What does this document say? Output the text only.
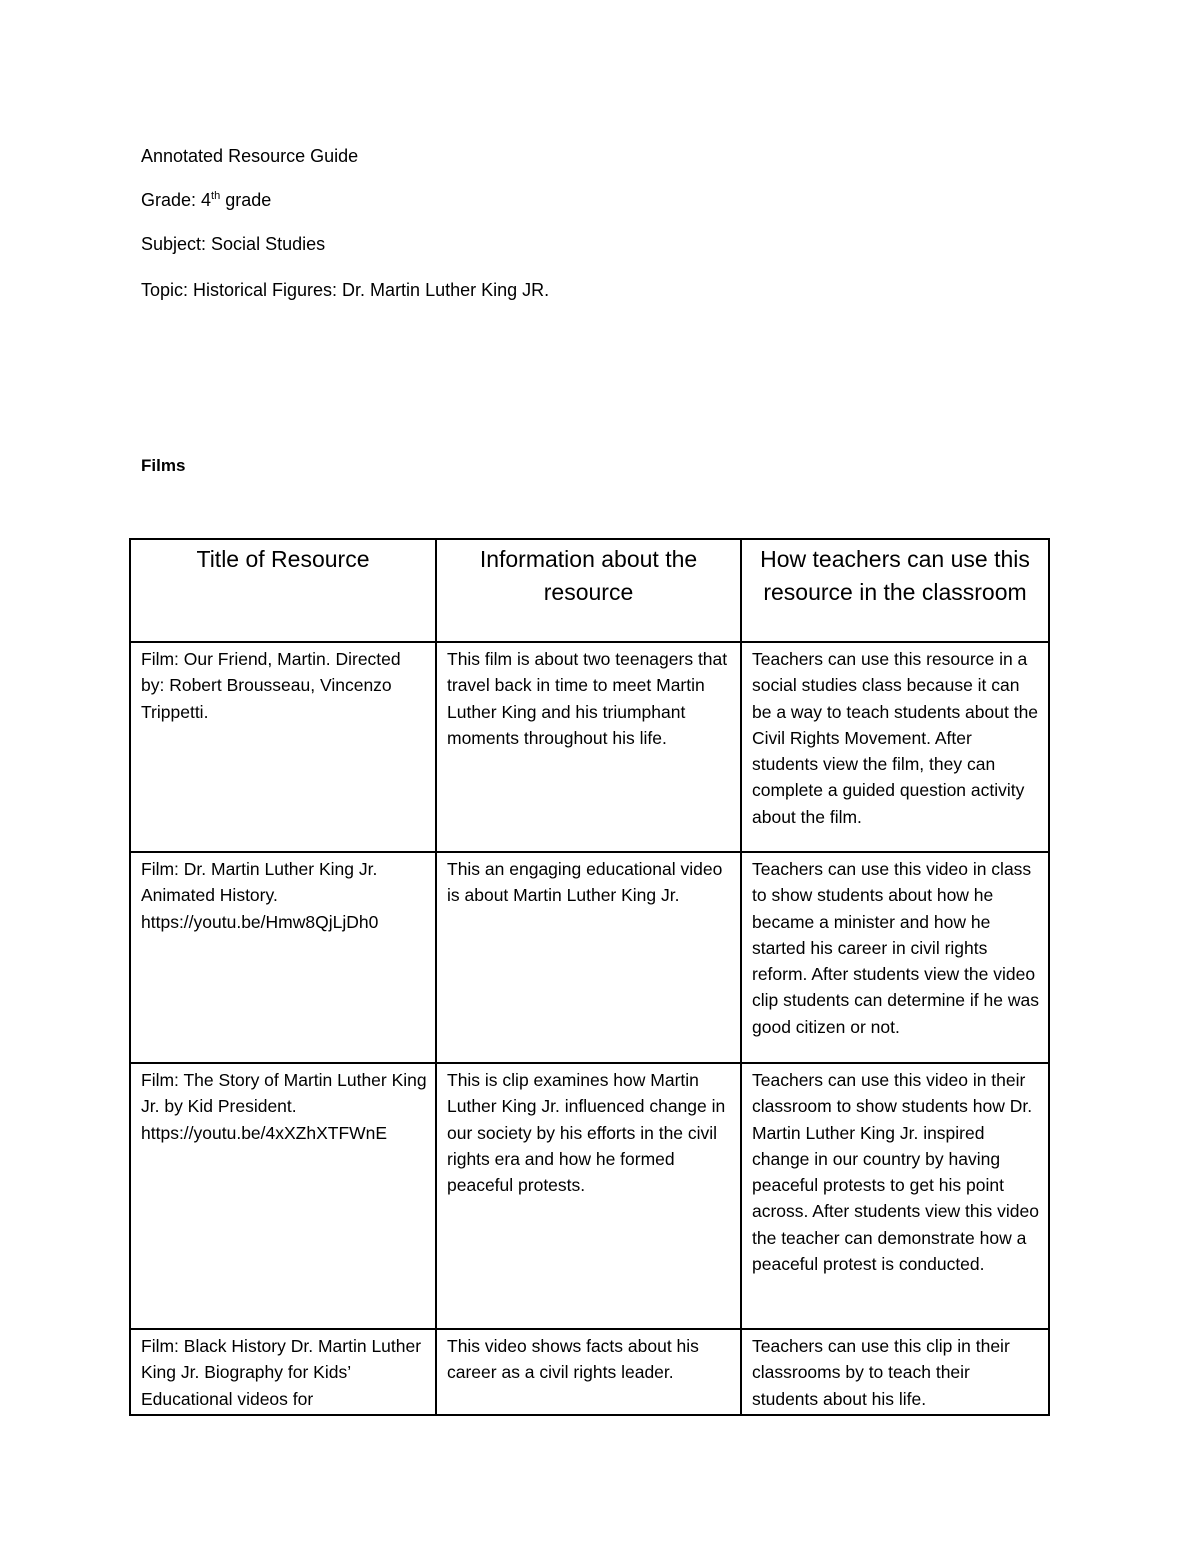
Annotated Resource Guide
Grade: 4th grade
Subject: Social Studies
Topic: Historical Figures: Dr. Martin Luther King JR.
Films
Title of Resource	Information about the resource	How teachers can use this resource in the classroom
Film: Our Friend, Martin. Directed by: Robert Brousseau, Vincenzo Trippetti.	This film is about two teenagers that travel back in time to meet Martin Luther King and his triumphant moments throughout his life.	Teachers can use this resource in a social studies class because it can be a way to teach students about the Civil Rights Movement. After students view the film, they can complete a guided question activity about the film.
Film: Dr. Martin Luther King Jr. Animated History.
https://youtu.be/Hmw8QjLjDh0	This an engaging educational video is about Martin Luther King Jr.	Teachers can use this video in class to show students about how he became a minister and how he started his career in civil rights reform. After students view the video clip students can determine if he was good citizen or not.
Film: The Story of Martin Luther King Jr. by Kid President.
https://youtu.be/4xXZhXTFWnE	This is clip examines how Martin Luther King Jr. influenced change in our society by his efforts in the civil rights era and how he formed peaceful protests.	Teachers can use this video in their classroom to show students how Dr. Martin Luther King Jr. inspired change in our country by having peaceful protests to get his point across. After students view this video the teacher can demonstrate how a peaceful protest is conducted.
Film: Black History Dr. Martin Luther King Jr. Biography for Kids’ Educational videos for	This video shows facts about his career as a civil rights leader.	Teachers can use this clip in their classrooms by to teach their students about his life.
